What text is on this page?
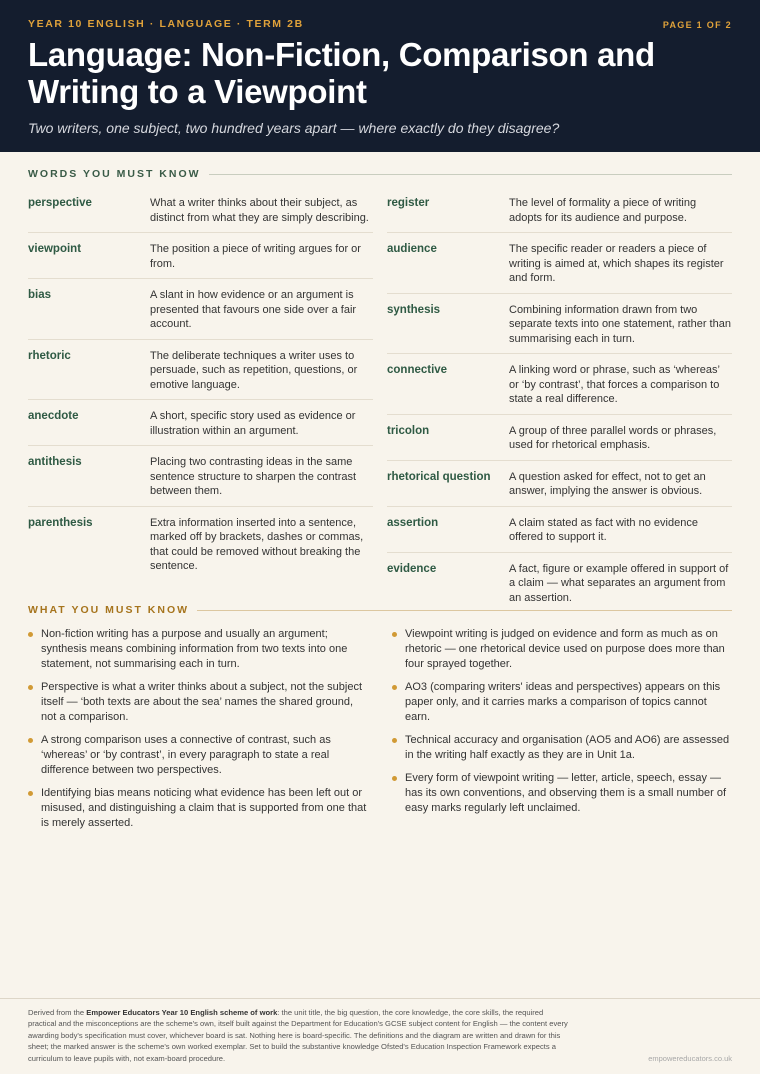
YEAR 10 ENGLISH · LANGUAGE · TERM 2B	PAGE 1 OF 2
Language: Non-Fiction, Comparison and
Writing to a Viewpoint
Two writers, one subject, two hundred years apart — where exactly do they disagree?
WORDS YOU MUST KNOW
perspective	What a writer thinks about their subject, as distinct from what they are simply describing.
viewpoint	The position a piece of writing argues for or from.
bias	A slant in how evidence or an argument is presented that favours one side over a fair account.
rhetoric	The deliberate techniques a writer uses to persuade, such as repetition, questions, or emotive language.
anecdote	A short, specific story used as evidence or illustration within an argument.
antithesis	Placing two contrasting ideas in the same sentence structure to sharpen the contrast between them.
parenthesis	Extra information inserted into a sentence, marked off by brackets, dashes or commas, that could be removed without breaking the sentence.
register	The level of formality a piece of writing adopts for its audience and purpose.
audience	The specific reader or readers a piece of writing is aimed at, which shapes its register and form.
synthesis	Combining information drawn from two separate texts into one statement, rather than summarising each in turn.
connective	A linking word or phrase, such as ‘whereas’ or ‘by contrast’, that forces a comparison to state a real difference.
tricolon	A group of three parallel words or phrases, used for rhetorical emphasis.
rhetorical question	A question asked for effect, not to get an answer, implying the answer is obvious.
assertion	A claim stated as fact with no evidence offered to support it.
evidence	A fact, figure or example offered in support of a claim — what separates an argument from an assertion.
WHAT YOU MUST KNOW
Non-fiction writing has a purpose and usually an argument; synthesis means combining information from two texts into one statement, not summarising each in turn.
Perspective is what a writer thinks about a subject, not the subject itself — ‘both texts are about the sea’ names the shared ground, not a comparison.
A strong comparison uses a connective of contrast, such as ‘whereas’ or ‘by contrast’, in every paragraph to state a real difference between two perspectives.
Identifying bias means noticing what evidence has been left out or misused, and distinguishing a claim that is supported from one that is merely asserted.
Viewpoint writing is judged on evidence and form as much as on rhetoric — one rhetorical device used on purpose does more than four sprayed together.
AO3 (comparing writers' ideas and perspectives) appears on this paper only, and it carries marks a comparison of topics cannot earn.
Technical accuracy and organisation (AO5 and AO6) are assessed in the writing half exactly as they are in Unit 1a.
Every form of viewpoint writing — letter, article, speech, essay — has its own conventions, and observing them is a small number of easy marks regularly left unclaimed.
Derived from the Empower Educators Year 10 English scheme of work: the unit title, the big question, the core knowledge, the core skills, the required practical and the misconceptions are the scheme's own, itself built against the Department for Education's GCSE subject content for English — the content every awarding body's specification must cover, whichever board is sat. Nothing here is board-specific. The definitions and the diagram are written and drawn for this sheet; the marked answer is the scheme's own worked exemplar. Set to build the substantive knowledge Ofsted's Education Inspection Framework expects a curriculum to leave pupils with, not exam-board procedure.	empowereducators.co.uk
